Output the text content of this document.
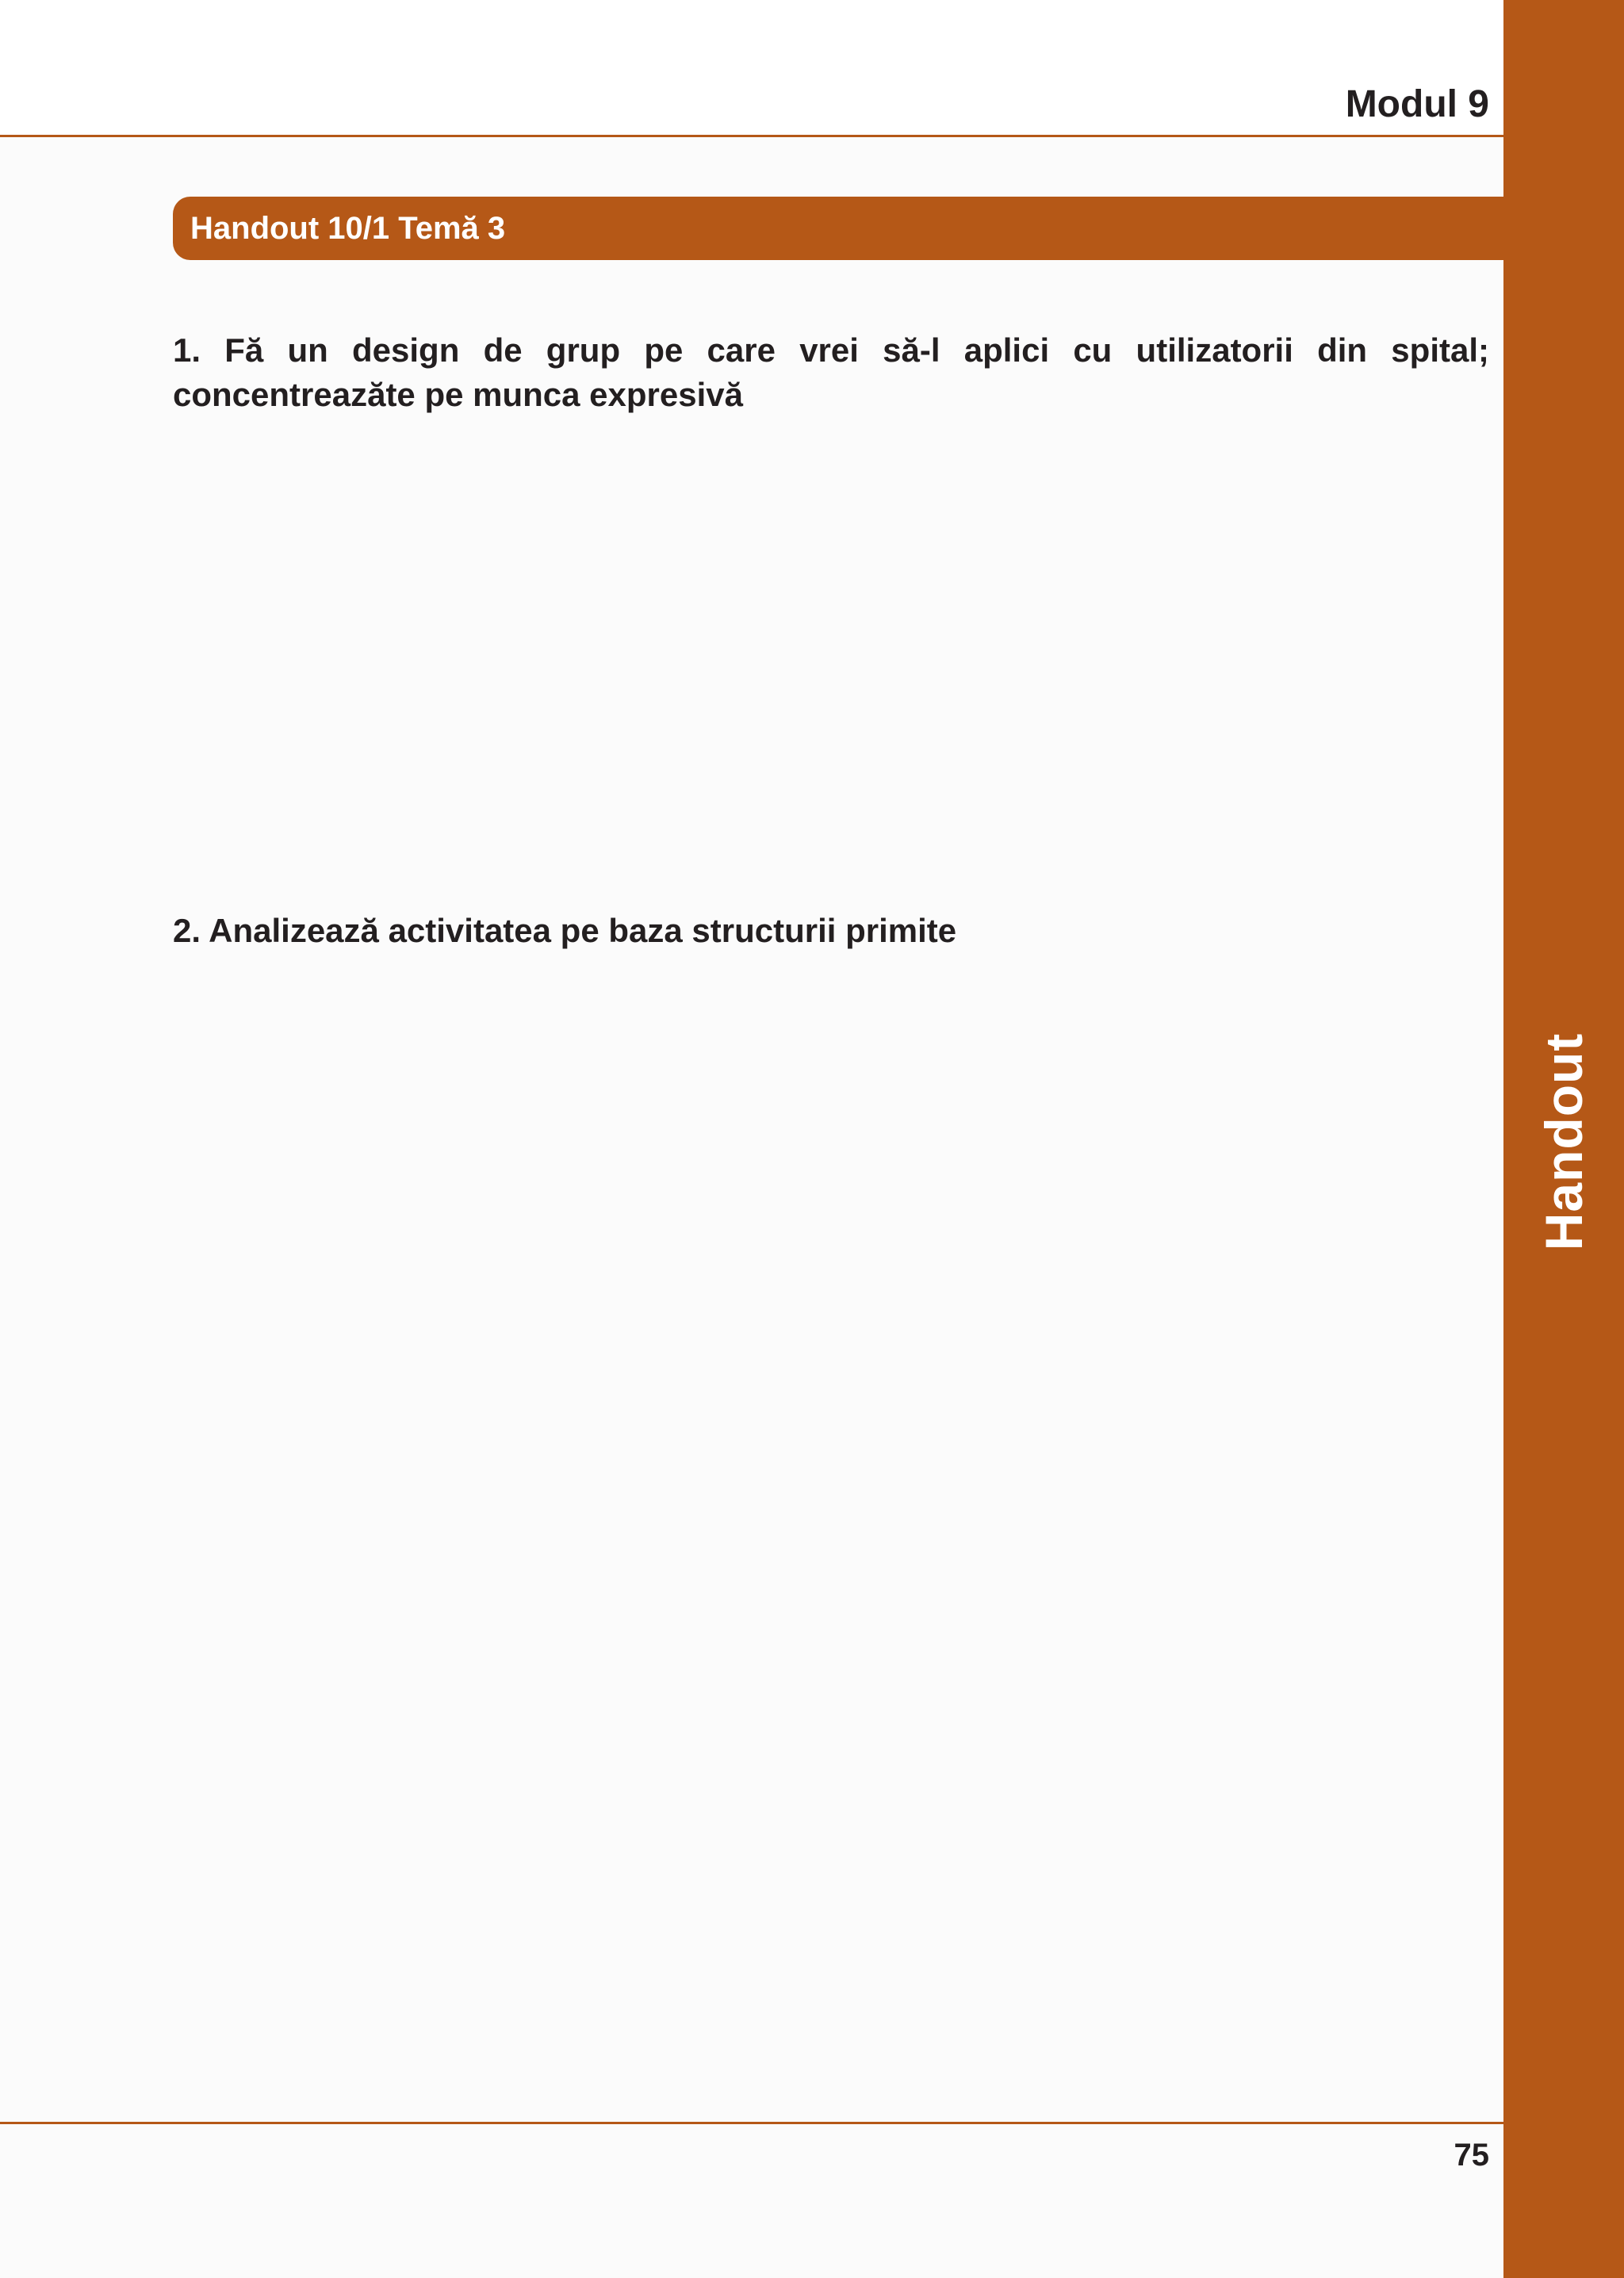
Handout
Modul 9
Handout 10/1 Temă 3
1. Fă un design de grup pe care vrei să-l aplici cu utilizatorii din spital; concentreazăte pe munca expresivă
2. Analizează activitatea pe baza structurii primite
75
